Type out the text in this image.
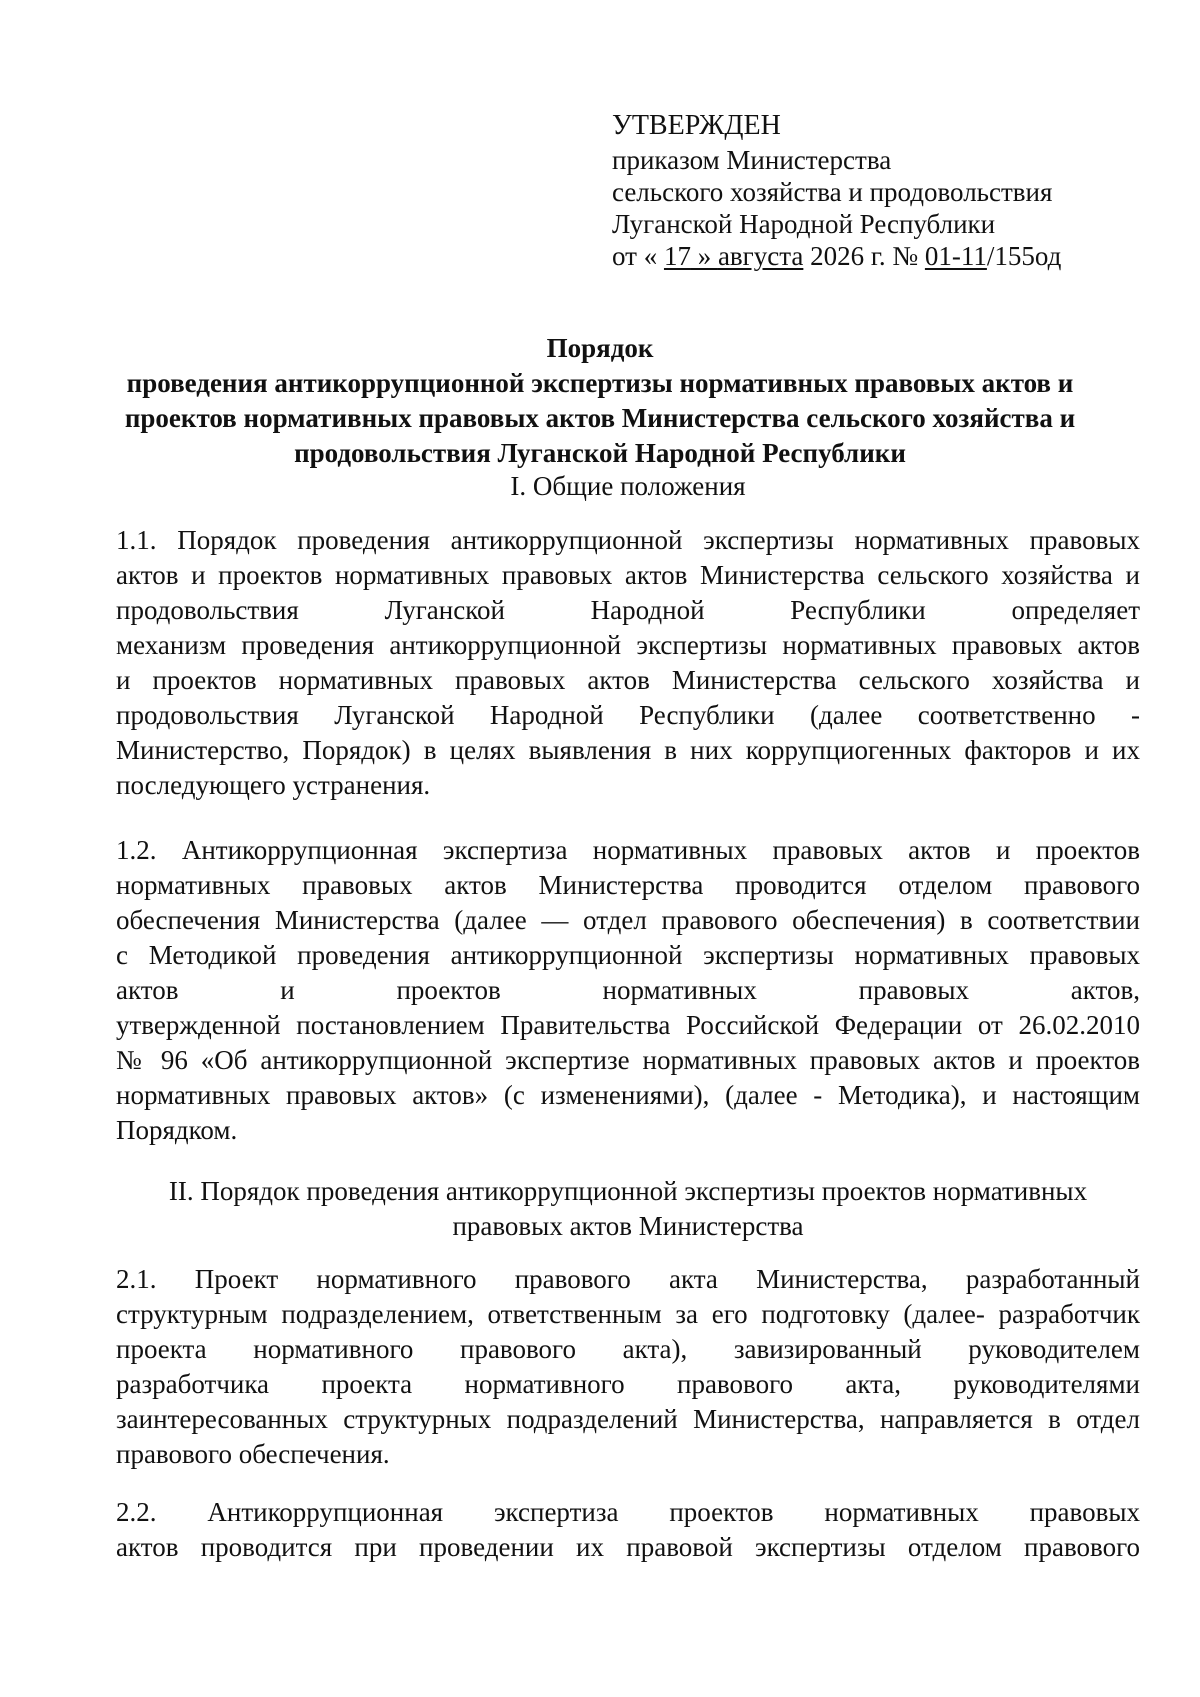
УТВЕРЖДЕН
приказом Министерства
сельского хозяйства и продовольствия
Луганской Народной Республики
от « 17 » августа 2026 г. № 01-11/155од
Порядок
проведения антикоррупционной экспертизы нормативных правовых актов и
проектов нормативных правовых актов Министерства сельского хозяйства и
продовольствия Луганской Народной Республики
I. Общие положения
1.1. Порядок проведения антикоррупционной экспертизы нормативных правовых
актов и проектов нормативных правовых актов Министерства сельского хозяйства и
продовольствия Луганской Народной Республики определяет
механизм проведения антикоррупционной экспертизы нормативных правовых актов
и проектов нормативных правовых актов Министерства сельского хозяйства и
продовольствия Луганской Народной Республики (далее соответственно -
Министерство, Порядок) в целях выявления в них коррупциогенных факторов и их
последующего устранения.
1.2. Антикоррупционная экспертиза нормативных правовых актов и проектов
нормативных правовых актов Министерства проводится отделом правового
обеспечения Министерства (далее — отдел правового обеспечения) в соответствии
с Методикой проведения антикоррупционной экспертизы нормативных правовых
актов и проектов нормативных правовых актов,
утвержденной постановлением Правительства Российской Федерации от 26.02.2010
№ 96 «Об антикоррупционной экспертизе нормативных правовых актов и проектов
нормативных правовых актов» (с изменениями), (далее - Методика), и настоящим
Порядком.
II. Порядок проведения антикоррупционной экспертизы проектов нормативных
правовых актов Министерства
2.1. Проект нормативного правового акта Министерства, разработанный
структурным подразделением, ответственным за его подготовку (далее- разработчик
проекта нормативного правового акта), завизированный руководителем
разработчика проекта нормативного правового акта, руководителями
заинтересованных структурных подразделений Министерства, направляется в отдел
правового обеспечения.
2.2. Антикоррупционная экспертиза проектов нормативных правовых
актов проводится при проведении их правовой экспертизы отделом правового
